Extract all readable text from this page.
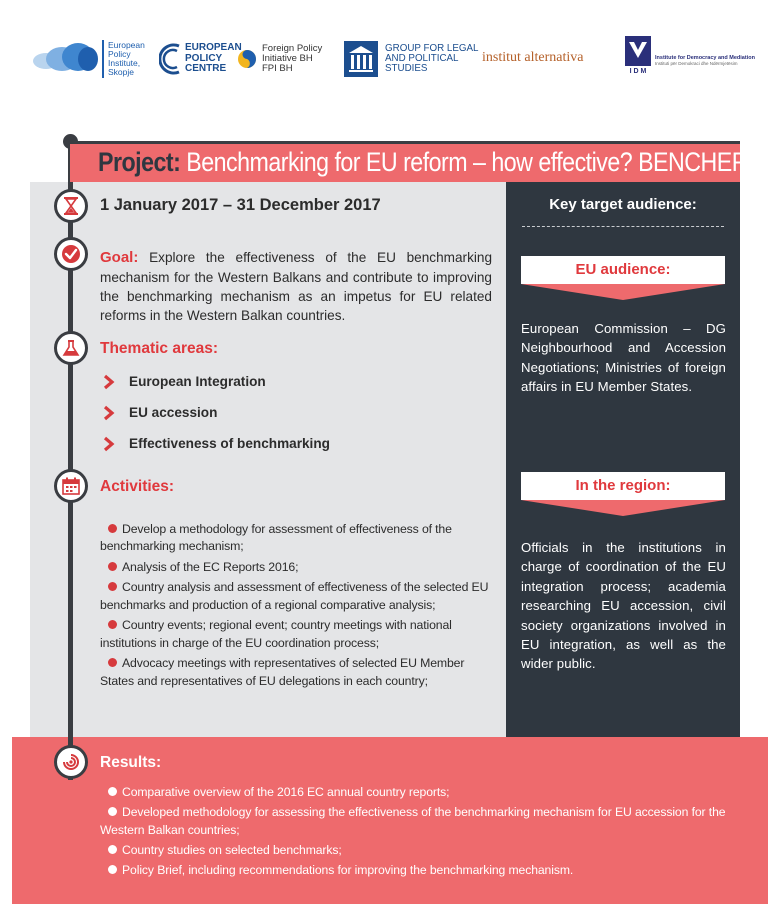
European
Policy
Institute,
Skopje
EUROPEAN
POLICY
CENTRE
Foreign Policy
Initiative BH
FPI BH
GROUP FOR LEGAL
AND POLITICAL
STUDIES
institut alternativa
I D M
Institute for Democracy and Mediation
Instituti për Demokraci dhe Ndërmjetësim
Project: Benchmarking for EU reform – how effective? BENCHER
1 January 2017 – 31 December 2017
Goal: Explore the effectiveness of the EU benchmarking mechanism for the Western Balkans and contribute to improving the benchmarking mechanism as an impetus for EU related reforms in the Western Balkan countries.
Thematic areas:
European Integration
EU accession
Effectiveness of benchmarking
Activities:
Develop a methodology for assessment of effectiveness of the benchmarking mechanism;
Analysis of the EC Reports 2016;
Country analysis and assessment of effectiveness of the selected EU benchmarks and production of a regional comparative analysis;
Country events; regional event; country meetings with national institutions in charge of the EU coordination process;
Advocacy meetings with representatives of selected EU Member States and representatives of EU delegations in each country;
Key target audience:
EU audience:
European Commission – DG Neighbourhood and Accession Negotiations; Ministries of foreign affairs in EU Member States.
In the region:
Officials in the institutions in charge of coordination of the EU integration process; academia researching EU accession, civil society organizations involved in EU integration, as well as the wider public.
Results:
Comparative overview of the 2016 EC annual country reports;
Developed methodology for assessing the effectiveness of the benchmarking mechanism for EU accession for the Western Balkan countries;
Country studies on selected benchmarks;
Policy Brief, including recommendations for improving the benchmarking mechanism.
